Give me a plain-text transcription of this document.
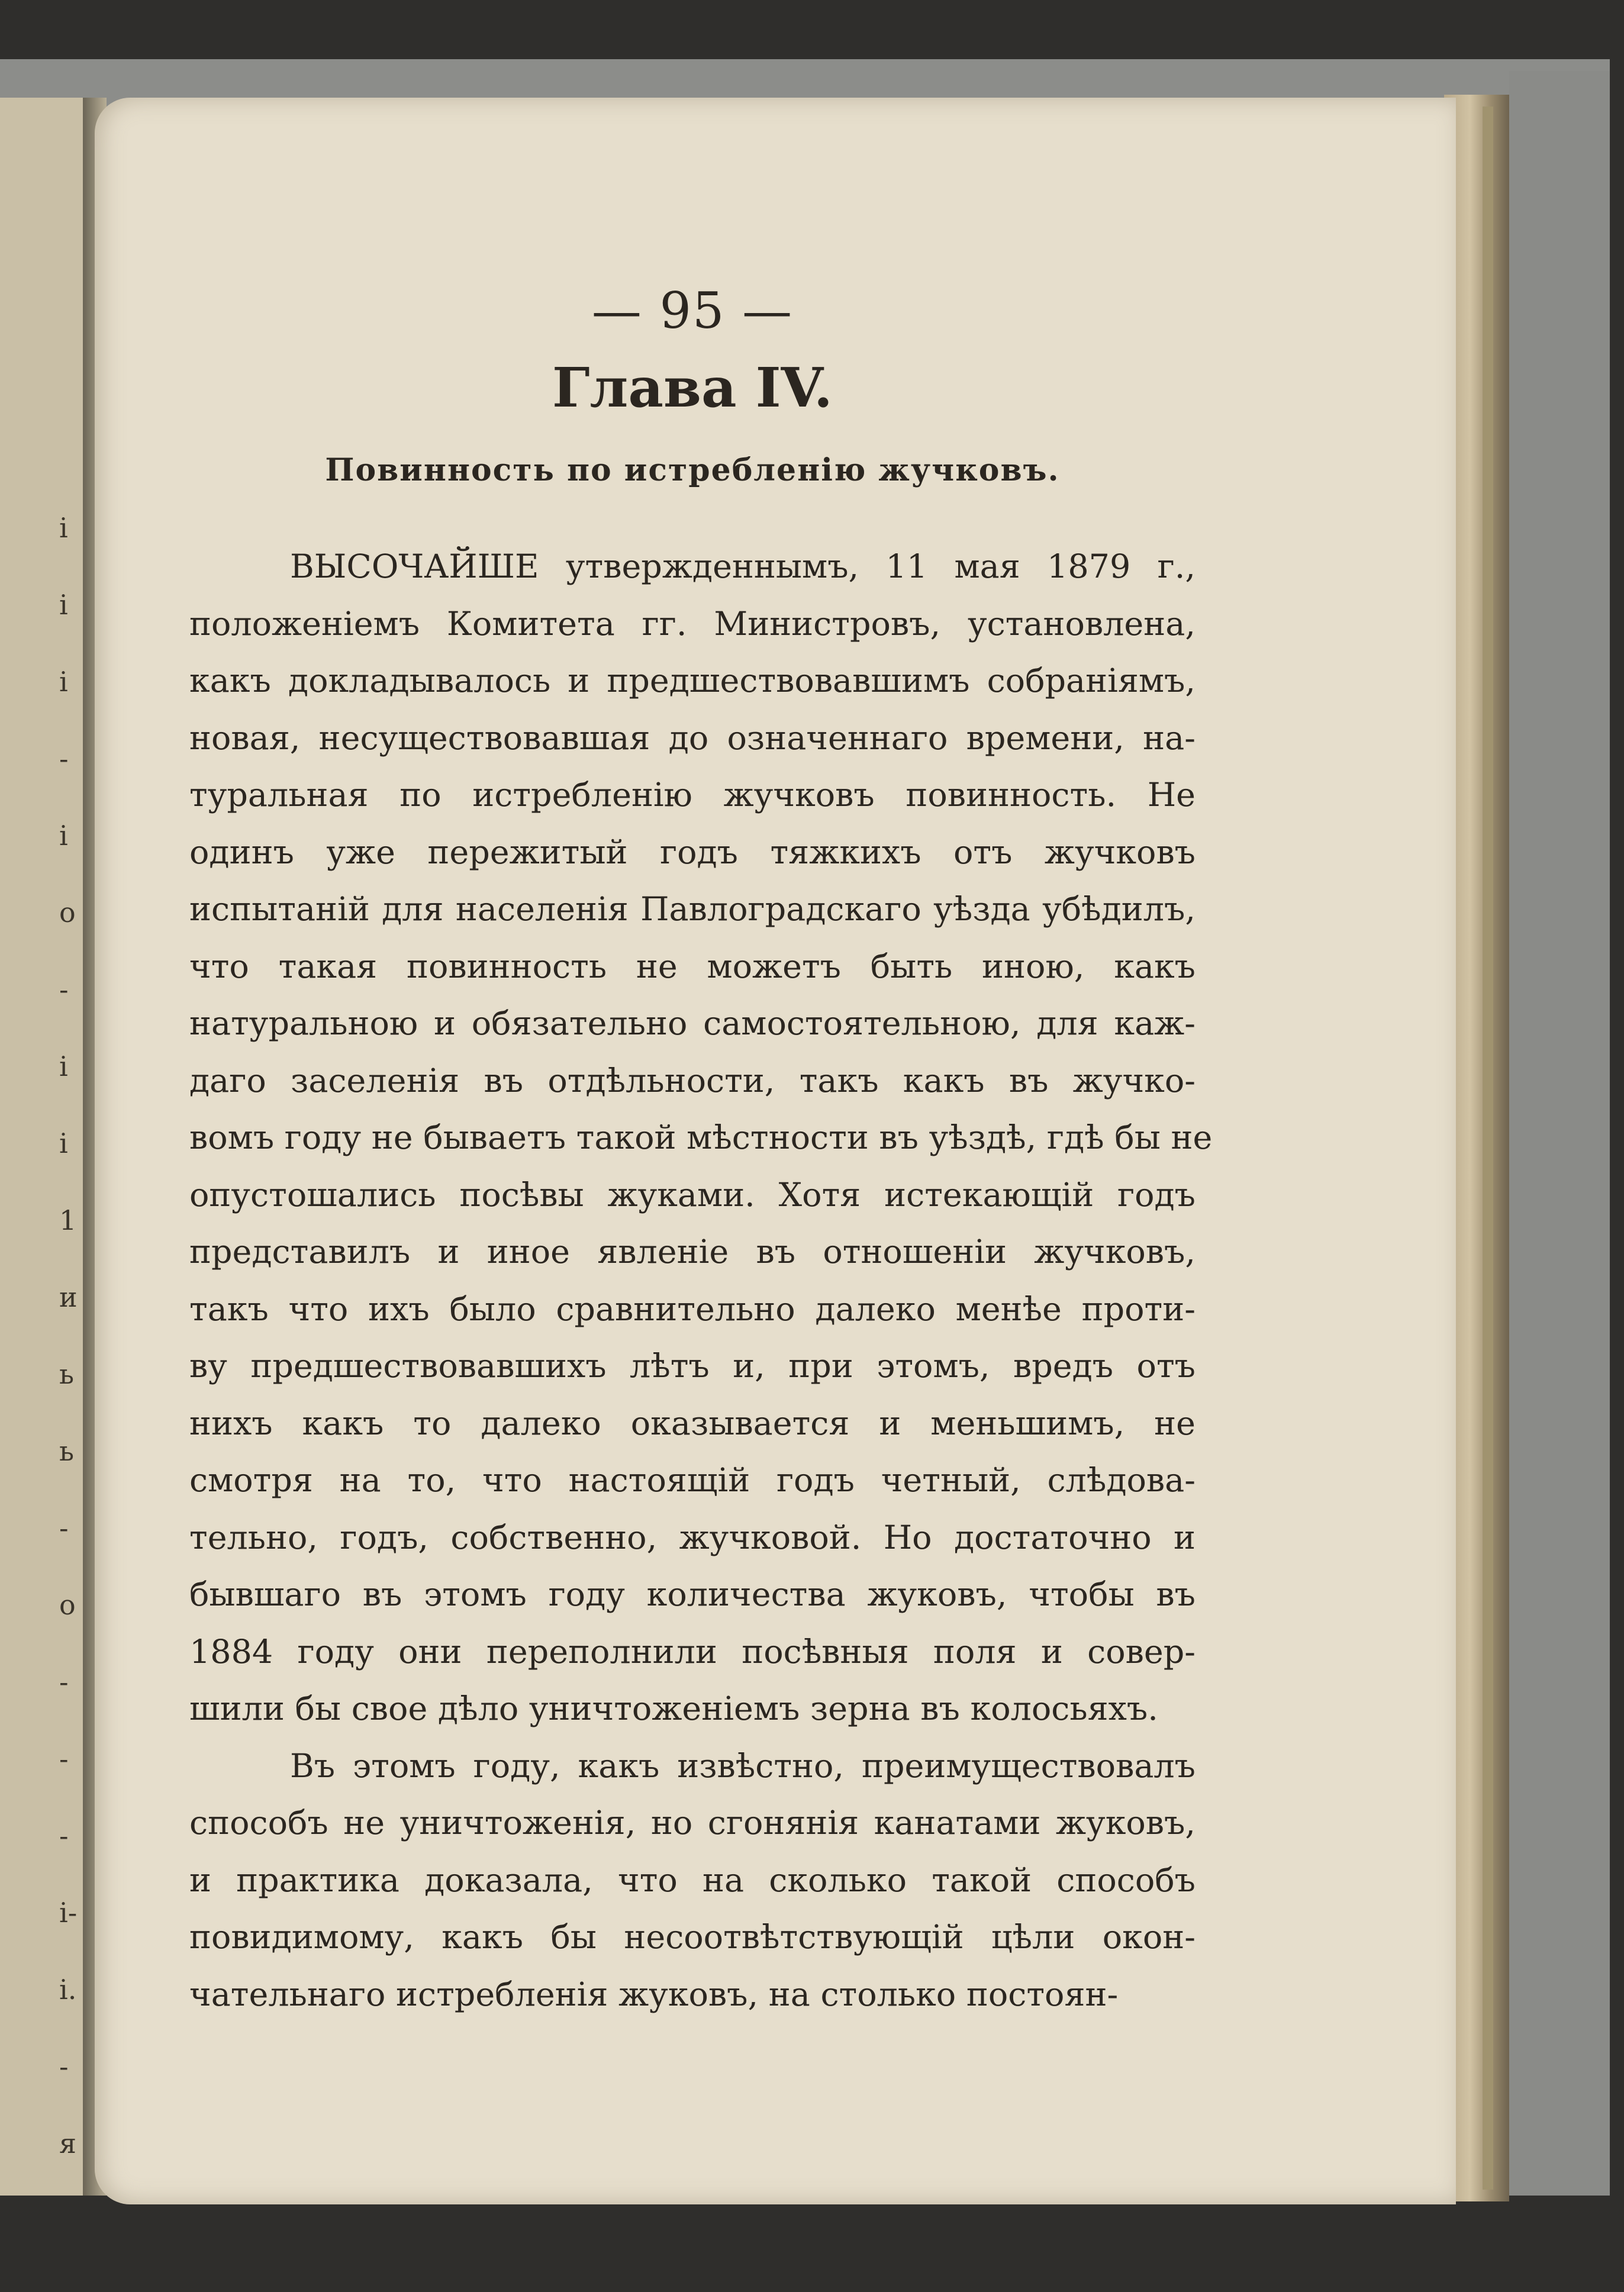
і
і
і
-
і
о
-
і
і
1
и
ь
ь
-
о
-
-
-
і-
і.
-
я
— 95 —
Глава IV.
Повинность по истребленію жучковъ.
ВЫСОЧАЙШЕ утвержденнымъ, 11 мая 1879 г.,
положеніемъ Комитета гг. Министровъ, установлена,
какъ докладывалось и предшествовавшимъ собраніямъ,
новая, несуществовавшая до означеннаго времени, на-
туральная по истребленію жучковъ повинность. Не
одинъ уже пережитый годъ тяжкихъ отъ жучковъ
испытаній для населенія Павлоградскаго уѣзда убѣдилъ,
что такая повинность не можетъ быть иною, какъ
натуральною и обязательно самостоятельною, для каж-
даго заселенія въ отдѣльности, такъ какъ въ жучко-
вомъ году не бываетъ такой мѣстности въ уѣздѣ, гдѣ бы не
опустошались посѣвы жуками. Хотя истекающій годъ
представилъ и иное явленіе въ отношеніи жучковъ,
такъ что ихъ было сравнительно далеко менѣе проти-
ву предшествовавшихъ лѣтъ и, при этомъ, вредъ отъ
нихъ какъ то далеко оказывается и меньшимъ, не
смотря на то, что настоящій годъ четный, слѣдова-
тельно, годъ, собственно, жучковой. Но достаточно и
бывшаго въ этомъ году количества жуковъ, чтобы въ
1884 году они переполнили посѣвныя поля и совер-
шили бы свое дѣло уничтоженіемъ зерна въ колосьяхъ.
Въ этомъ году, какъ извѣстно, преимуществовалъ
способъ не уничтоженія, но сгонянія канатами жуковъ,
и практика доказала, что на сколько такой способъ
повидимому, какъ бы несоотвѣтствующій цѣли окон-
чательнаго истребленія жуковъ, на столько постоян-
